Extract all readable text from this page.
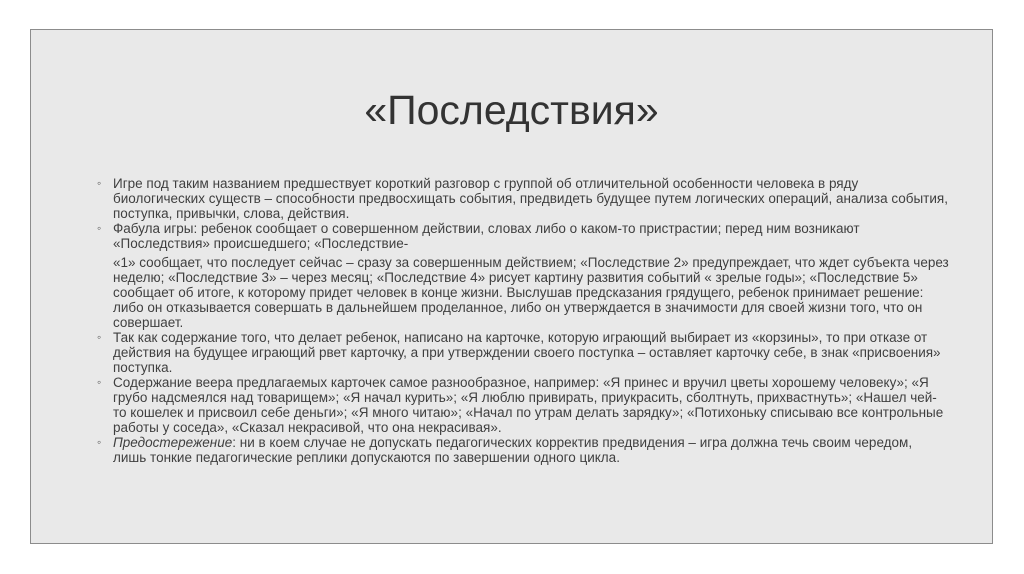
«Последствия»
◦ Игре под таким названием предшествует короткий разговор с группой об отличительной особенности человека в ряду биологических существ – способности предвосхищать события, предвидеть будущее путем логических операций, анализа события, поступка, привычки, слова, действия.
◦ Фабула игры: ребенок сообщает о совершенном действии, словах либо о каком-то пристрастии; перед ним возникают «Последствия» происшедшего; «Последствие-
«1» сообщает, что последует сейчас – сразу за совершенным действием; «Последствие 2» предупреждает, что ждет субъекта через неделю; «Последствие 3» – через месяц; «Последствие 4» рисует картину развития событий « зрелые годы»; «Последствие 5» сообщает об итоге, к которому придет человек в конце жизни. Выслушав предсказания грядущего, ребенок принимает решение: либо он отказывается совершать в дальнейшем проделанное, либо он утверждается в значимости для своей жизни того, что он совершает.
◦ Так как содержание того, что делает ребенок, написано на карточке, которую играющий выбирает из «корзины», то при отказе от действия на будущее играющий рвет карточку, а при утверждении своего поступка – оставляет карточку себе, в знак «присвоения» поступка.
◦ Содержание веера предлагаемых карточек самое разнообразное, например: «Я принес и вручил цветы хорошему человеку»; «Я грубо надсмеялся над товарищем»; «Я начал курить»; «Я люблю привирать, приукрасить, сболтнуть, прихвастнуть»; «Нашел чей-то кошелек и присвоил себе деньги»; «Я много читаю»; «Начал по утрам делать зарядку»; «Потихоньку списываю все контрольные работы у соседа», «Сказал некрасивой, что она некрасивая».
◦ Предостережение: ни в коем случае не допускать педагогических корректив предвидения – игра должна течь своим чередом, лишь тонкие педагогические реплики допускаются по завершении одного цикла.
